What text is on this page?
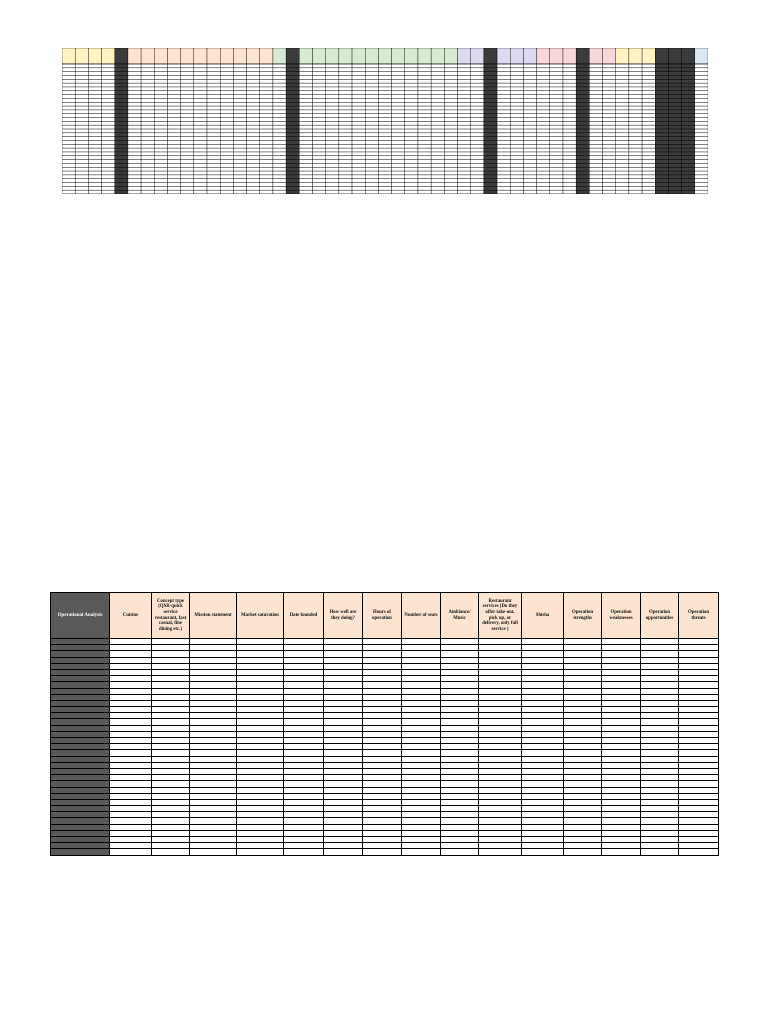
Operational Analysis	Cuisine	Concept type (QSR-quick service restaurant, fast casual, fine dining etc.)	Mission statement	Market saturation	Date founded	How well are they doing?	Hours of operation	Number of seats	Ambiance/ Music	Restaurant services (Do they offer take-out, pick up, or delivery, only full service )	Shisha	Operation strengths	Operation weaknesses	Operation opportunities	Operation threats
